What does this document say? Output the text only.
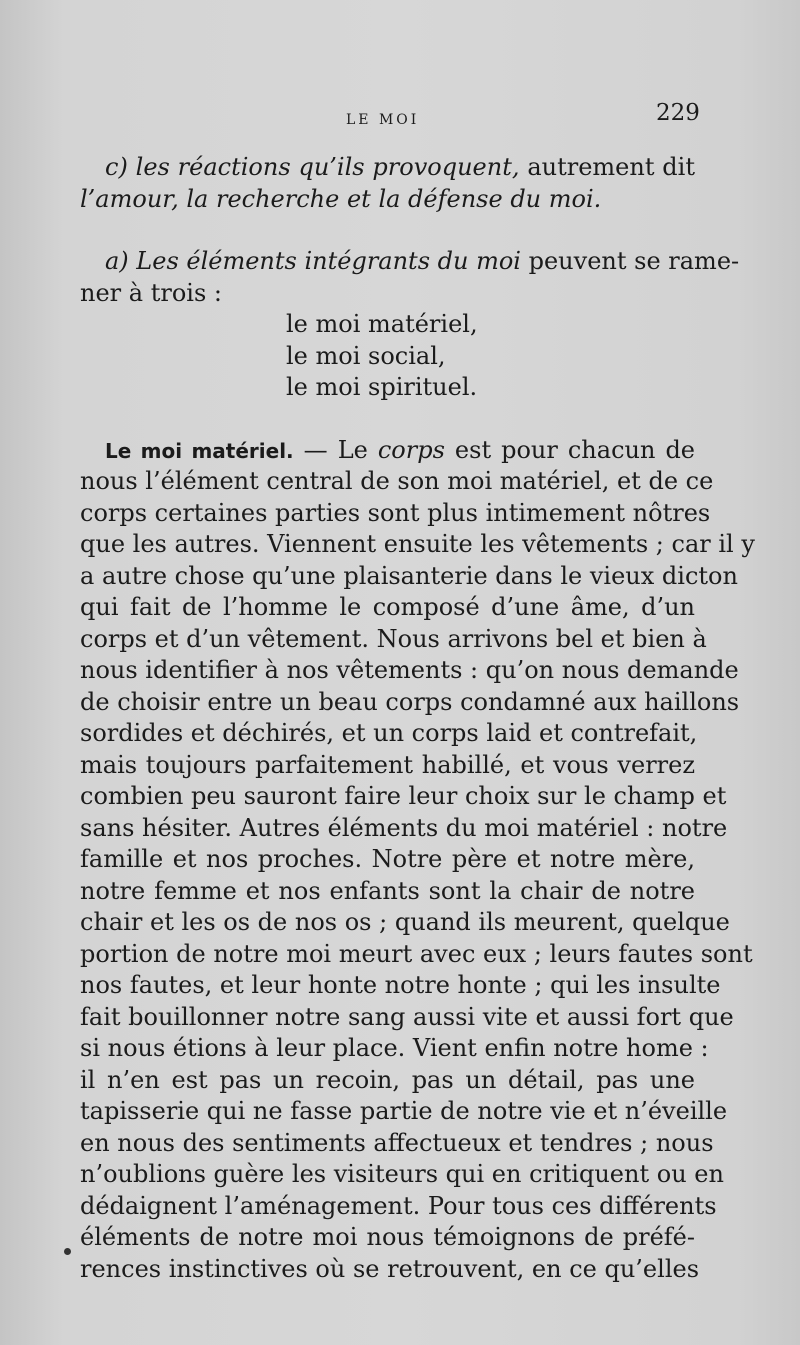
LE MOI	229
c) les réactions qu’ils provoquent, autrement dit
l’amour, la recherche et la défense du moi.
a) Les éléments intégrants du moi peuvent se rame-
ner à trois :
le moi matériel,
le moi social,
le moi spirituel.
Le moi matériel. — Le corps est pour chacun de
nous l’élément central de son moi matériel, et de ce
corps certaines parties sont plus intimement nôtres
que les autres. Viennent ensuite les vêtements ; car il y
a autre chose qu’une plaisanterie dans le vieux dicton
qui fait de l’homme le composé d’une âme, d’un
corps et d’un vêtement. Nous arrivons bel et bien à
nous identifier à nos vêtements : qu’on nous demande
de choisir entre un beau corps condamné aux haillons
sordides et déchirés, et un corps laid et contrefait,
mais toujours parfaitement habillé, et vous verrez
combien peu sauront faire leur choix sur le champ et
sans hésiter. Autres éléments du moi matériel : notre
famille et nos proches. Notre père et notre mère,
notre femme et nos enfants sont la chair de notre
chair et les os de nos os ; quand ils meurent, quelque
portion de notre moi meurt avec eux ; leurs fautes sont
nos fautes, et leur honte notre honte ; qui les insulte
fait bouillonner notre sang aussi vite et aussi fort que
si nous étions à leur place. Vient enfin notre home :
il n’en est pas un recoin, pas un détail, pas une
tapisserie qui ne fasse partie de notre vie et n’éveille
en nous des sentiments affectueux et tendres ; nous
n’oublions guère les visiteurs qui en critiquent ou en
dédaignent l’aménagement. Pour tous ces différents
éléments de notre moi nous témoignons de préfé-
rences instinctives où se retrouvent, en ce qu’elles
